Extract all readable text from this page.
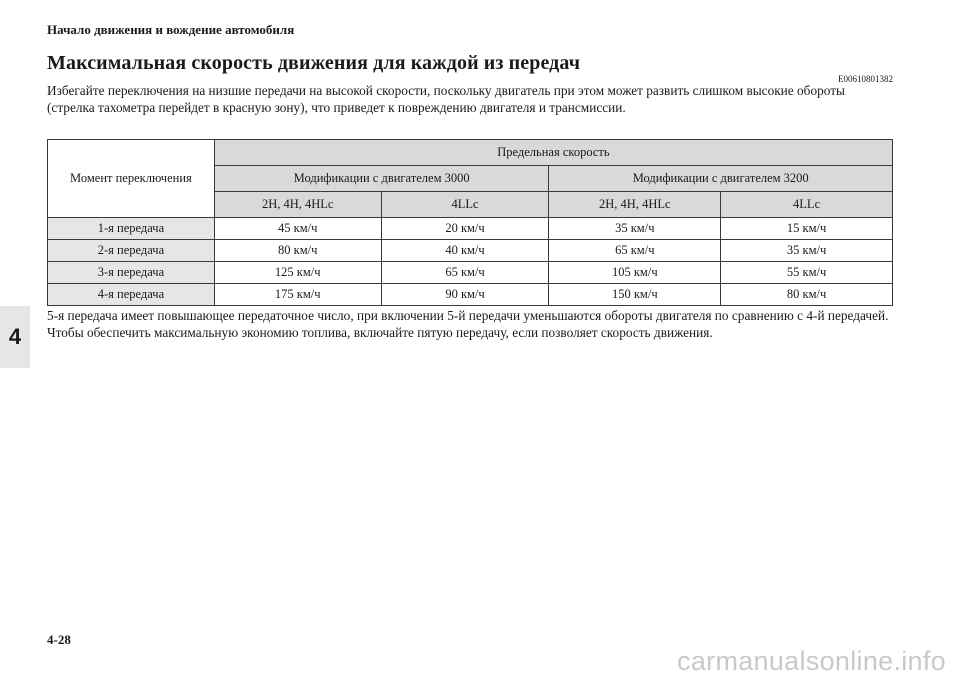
Начало движения и вождение автомобиля
Максимальная скорость движения для каждой из передач
E00610801382
Избегайте переключения на низшие передачи на высокой скорости, поскольку двигатель при этом может развить слишком высокие обороты (стрелка тахометра перейдет в красную зону), что приведет к повреждению двигателя и трансмиссии.
Момент переключения	Предельная скорость			
	Модификации с двигателем 3000		Модификации с двигателем 3200	
	2H, 4H, 4HLc	4LLc	2H, 4H, 4HLc	4LLc
1-я передача	45 км/ч	20 км/ч	35 км/ч	15 км/ч
2-я передача	80 км/ч	40 км/ч	65 км/ч	35 км/ч
3-я передача	125 км/ч	65 км/ч	105 км/ч	55 км/ч
4-я передача	175 км/ч	90 км/ч	150 км/ч	80 км/ч
5-я передача имеет повышающее передаточное число, при включении 5-й передачи уменьшаются обороты двигателя по сравнению с 4-й передачей. Чтобы обеспечить максимальную экономию топлива, включайте пятую передачу, если позволяет скорость движения.
4
4-28
carmanualsonline.info
